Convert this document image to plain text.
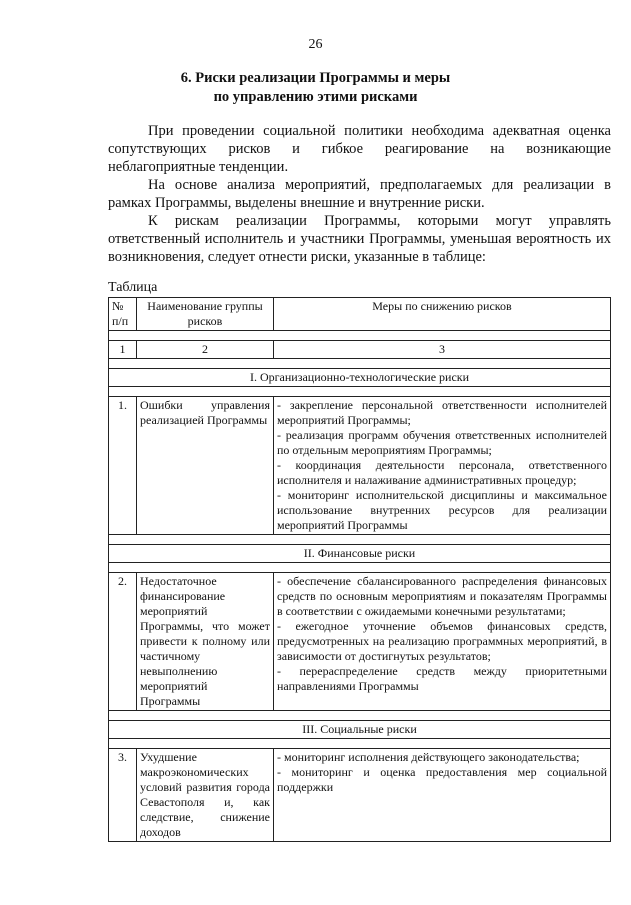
26
6. Риски реализации Программы и меры
по управлению этими рисками

При проведении социальной политики необходима адекватная оценка сопутствующих рисков и гибкое реагирование на возникающие неблагоприятные тенденции.

На основе анализа мероприятий, предполагаемых для реализации в рамках Программы, выделены внешние и внутренние риски.

К рискам реализации Программы, которыми могут управлять ответственный исполнитель и участники Программы, уменьшая вероятность их возникновения, следует отнести риски, указанные в таблице:

Таблица
№ п/п	Наименование группы рисков	Меры по снижению рисков

1	2	3

I. Организационно-технологические риски		

1.	Ошибки управления реализацией Программы	- закрепление персональной ответственности исполнителей мероприятий Программы;
- реализация программ обучения ответственных исполнителей по отдельным мероприятиям Программы;
- координация деятельности персонала, ответственного исполнителя и налаживание административных процедур;
- мониторинг исполнительской дисциплины и максимальное использование внутренних ресурсов для реализации мероприятий Программы

II. Финансовые риски		

2.	Недостаточное финансирование мероприятий Программы, что может привести к полному или частичному невыполнению мероприятий Программы	- обеспечение сбалансированного распределения финансовых средств по основным мероприятиям и показателям Программы в соответствии с ожидаемыми конечными результатами;
- ежегодное уточнение объемов финансовых средств, предусмотренных на реализацию программных мероприятий, в зависимости от достигнутых результатов;
- перераспределение средств между приоритетными направлениями Программы

III. Социальные риски		

3.	Ухудшение макроэкономических условий развития города Севастополя и, как следствие, снижение доходов	- мониторинг исполнения действующего законодательства;
- мониторинг и оценка предоставления мер социальной поддержки
